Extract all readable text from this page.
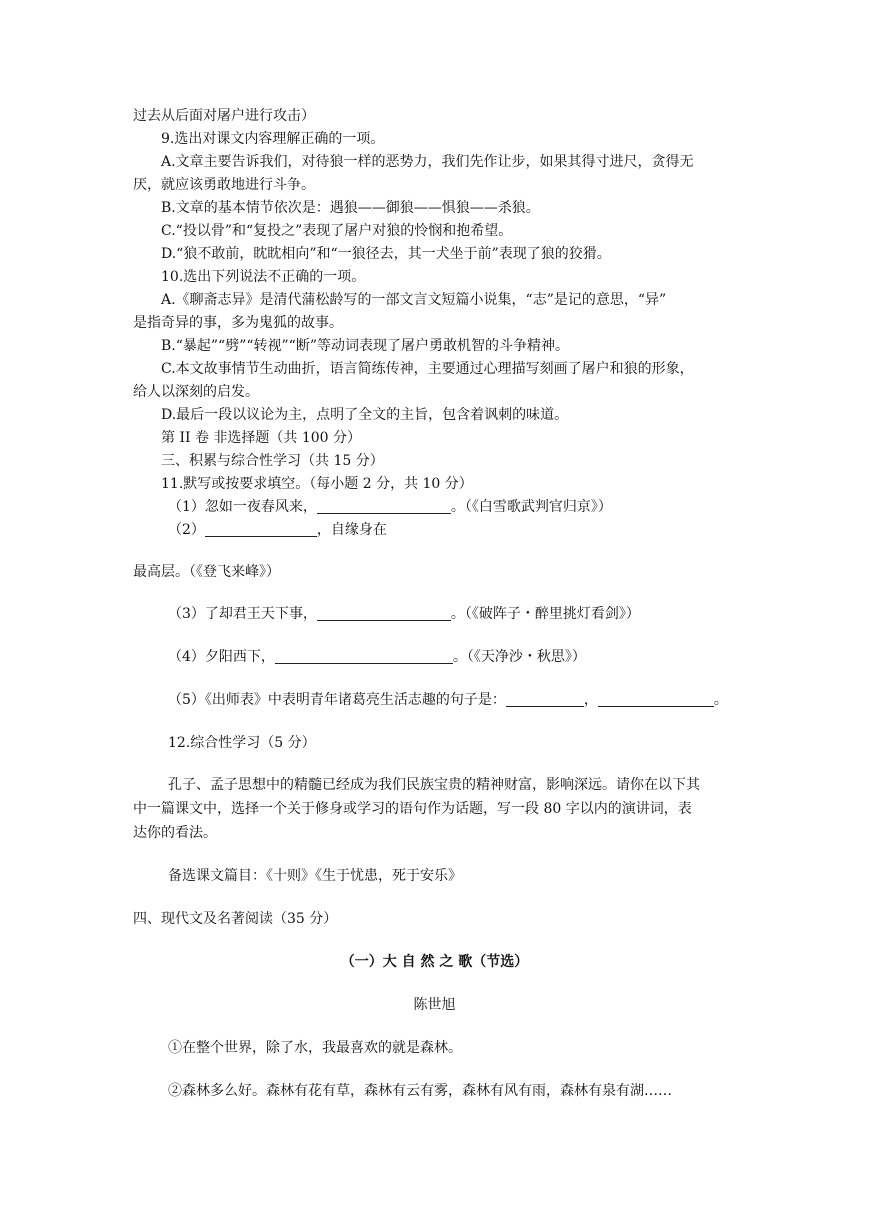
过去从后面对屠户进行攻击）
9.选出对课文内容理解正确的一项。
A.文章主要告诉我们，对待狼一样的恶势力，我们先作让步，如果其得寸进尺，贪得无
厌，就应该勇敢地进行斗争。
B.文章的基本情节依次是：遇狼——御狼——惧狼——杀狼。
C.“投以骨”和“复投之”表现了屠户对狼的怜悯和抱希望。
D.“狼不敢前，眈眈相向”和“一狼径去，其一犬坐于前”表现了狼的狡猾。
10.选出下列说法不正确的一项。
A.《聊斋志异》是清代蒲松龄写的一部文言文短篇小说集，“志”是记的意思，“异”
是指奇异的事，多为鬼狐的故事。
B.“暴起”“劈”“转视”“断”等动词表现了屠户勇敢机智的斗争精神。
C.本文故事情节生动曲折，语言简练传神，主要通过心理描写刻画了屠户和狼的形象，
给人以深刻的启发。
D.最后一段以议论为主，点明了全文的主旨，包含着讽刺的味道。
第 II 卷 非选择题（共 100 分）
三、积累与综合性学习（共 15 分）
11.默写或按要求填空。（每小题 2 分，共 10 分）
（1）忽如一夜春风来，	。（《白雪歌武判官归京》）
（2）	，自缘身在
最高层。（《登飞来峰》）
（3）了却君王天下事，	。（《破阵子・醉里挑灯看剑》）
（4）夕阳西下，	。（《天净沙・秋思》）
（5）《出师表》中表明青年诸葛亮生活志趣的句子是：	，	。
12.综合性学习（5 分）
孔子、孟子思想中的精髓已经成为我们民族宝贵的精神财富，影响深远。请你在以下其
中一篇课文中，选择一个关于修身或学习的语句作为话题，写一段 80 字以内的演讲词，表
达你的看法。
备选课文篇目：《十则》《生于忧患，死于安乐》
四、现代文及名著阅读（35 分）
（一）大 自 然 之 歌（节选）
陈世旭
①在整个世界，除了水，我最喜欢的就是森林。
②森林多么好。森林有花有草，森林有云有雾，森林有风有雨，森林有泉有湖……
